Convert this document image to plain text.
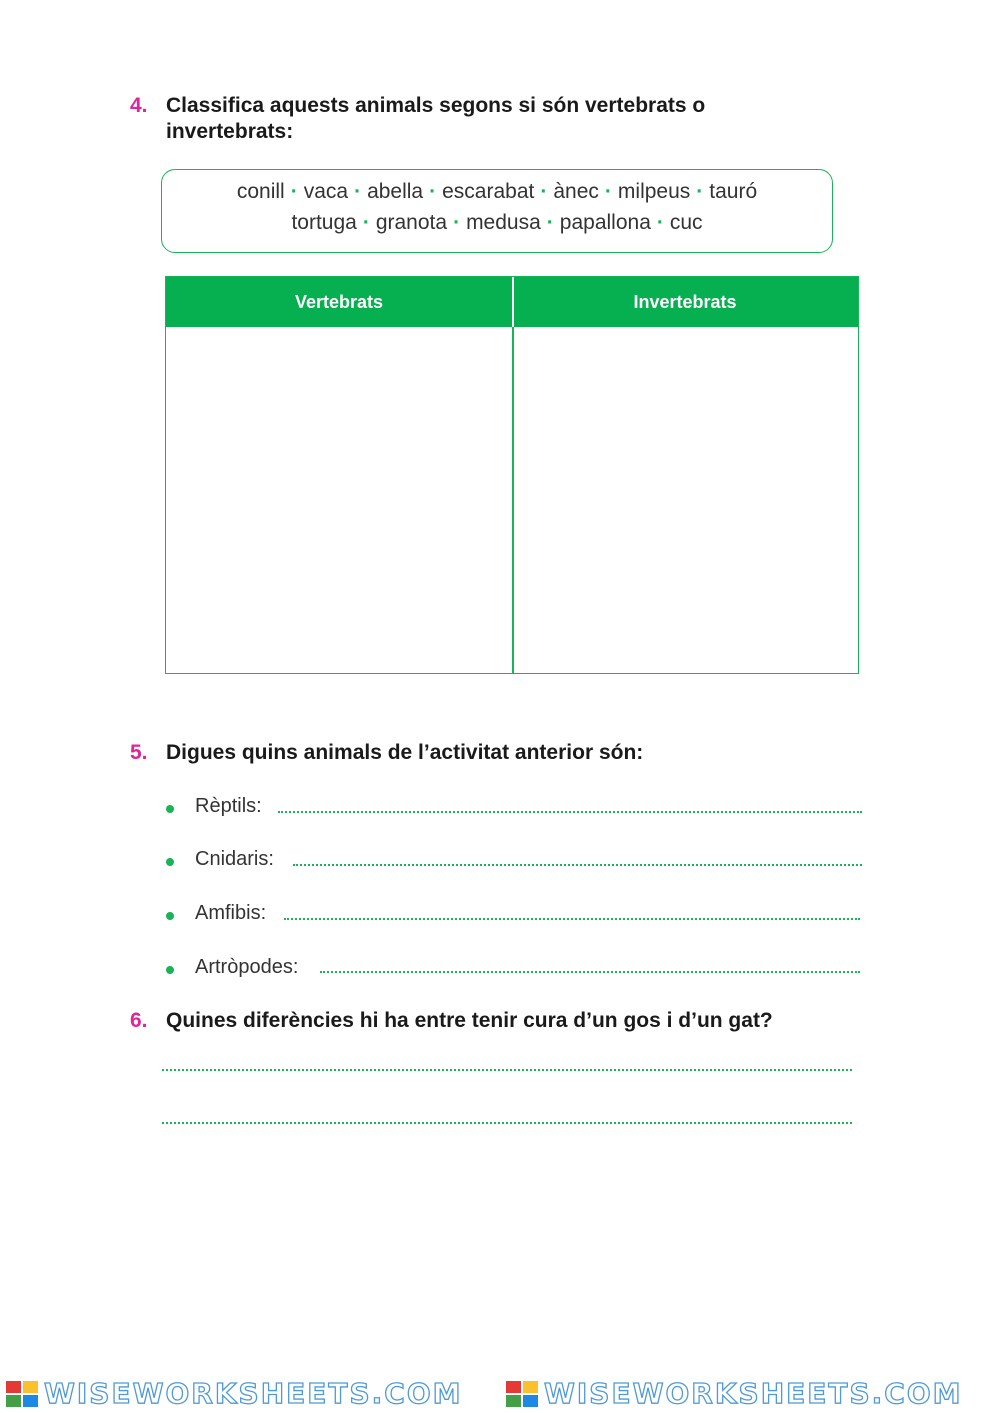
4. Classifica aquests animals segons si són vertebrats o
invertebrats:
conill · vaca · abella · escarabat · ànec · milpeus · tauró
tortuga · granota · medusa · papallona · cuc
Vertebrats	Invertebrats
5. Digues quins animals de l’activitat anterior són:
Rèptils:
Cnidaris:
Amfibis:
Artròpodes:
6. Quines diferències hi ha entre tenir cura d’un gos i d’un gat?
WISEWORKSHEETS.COM	WISEWORKSHEETS.COM
